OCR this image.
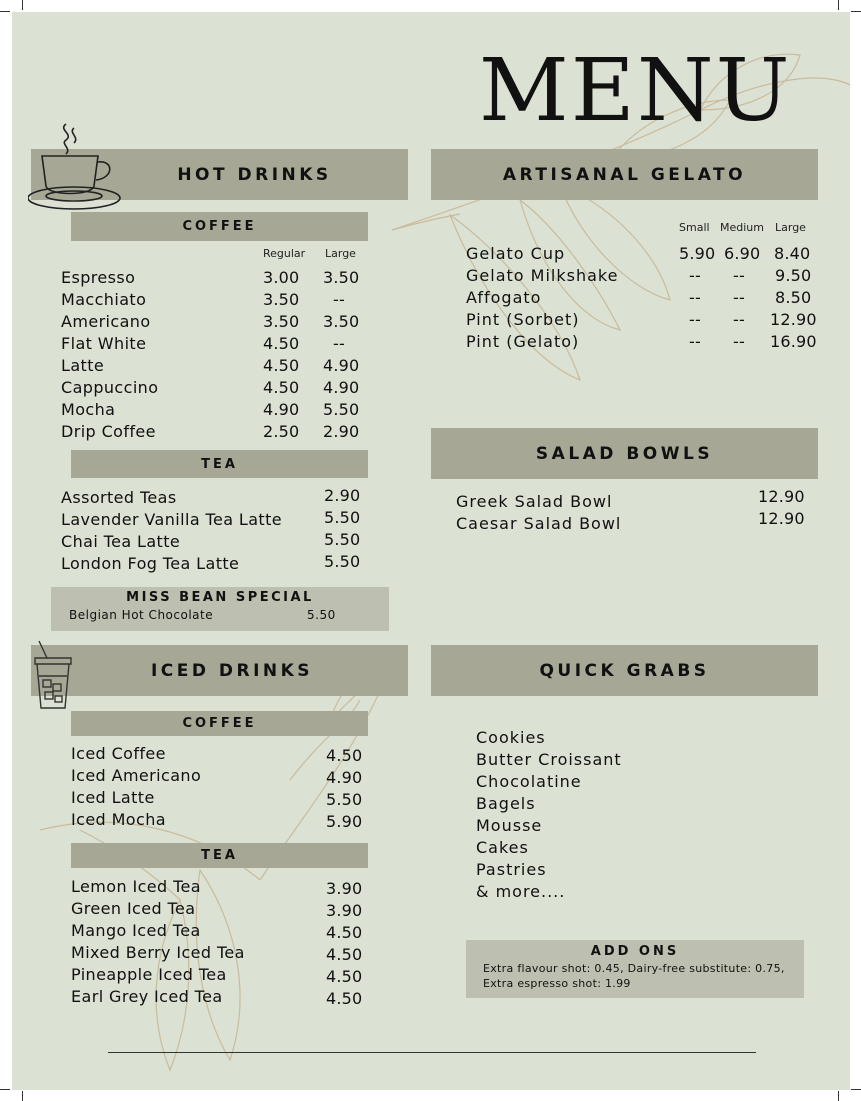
MENU
HOT DRINKS
COFFEE
Regular Large
Espresso	3.00 3.50
Macchiato	3.50 --
Americano	3.50 3.50
Flat White	4.50 --
Latte	4.50 4.90
Cappuccino	4.50 4.90
Mocha	4.90 5.50
Drip Coffee	2.50 2.90
TEA
Assorted Teas	2.90
Lavender Vanilla Tea Latte	5.50
Chai Tea Latte	5.50
London Fog Tea Latte	5.50
MISS BEAN SPECIAL
Belgian Hot Chocolate	5.50
ICED DRINKS
COFFEE
Iced Coffee	4.50
Iced Americano	4.90
Iced Latte	5.50
Iced Mocha	5.90
TEA
Lemon Iced Tea	3.90
Green Iced Tea	3.90
Mango Iced Tea	4.50
Mixed Berry Iced Tea	4.50
Pineapple Iced Tea	4.50
Earl Grey Iced Tea	4.50
ARTISANAL GELATO
Small Medium Large
Gelato Cup	5.90 6.90 8.40
Gelato Milkshake	-- -- 9.50
Affogato	-- -- 8.50
Pint (Sorbet)	-- -- 12.90
Pint (Gelato)	-- -- 16.90
SALAD BOWLS
Greek Salad Bowl	12.90
Caesar Salad Bowl	12.90
QUICK GRABS
Cookies
Butter Croissant
Chocolatine
Bagels
Mousse
Cakes
Pastries
& more....
ADD ONS
Extra flavour shot: 0.45, Dairy-free substitute: 0.75,
Extra espresso shot: 1.99
